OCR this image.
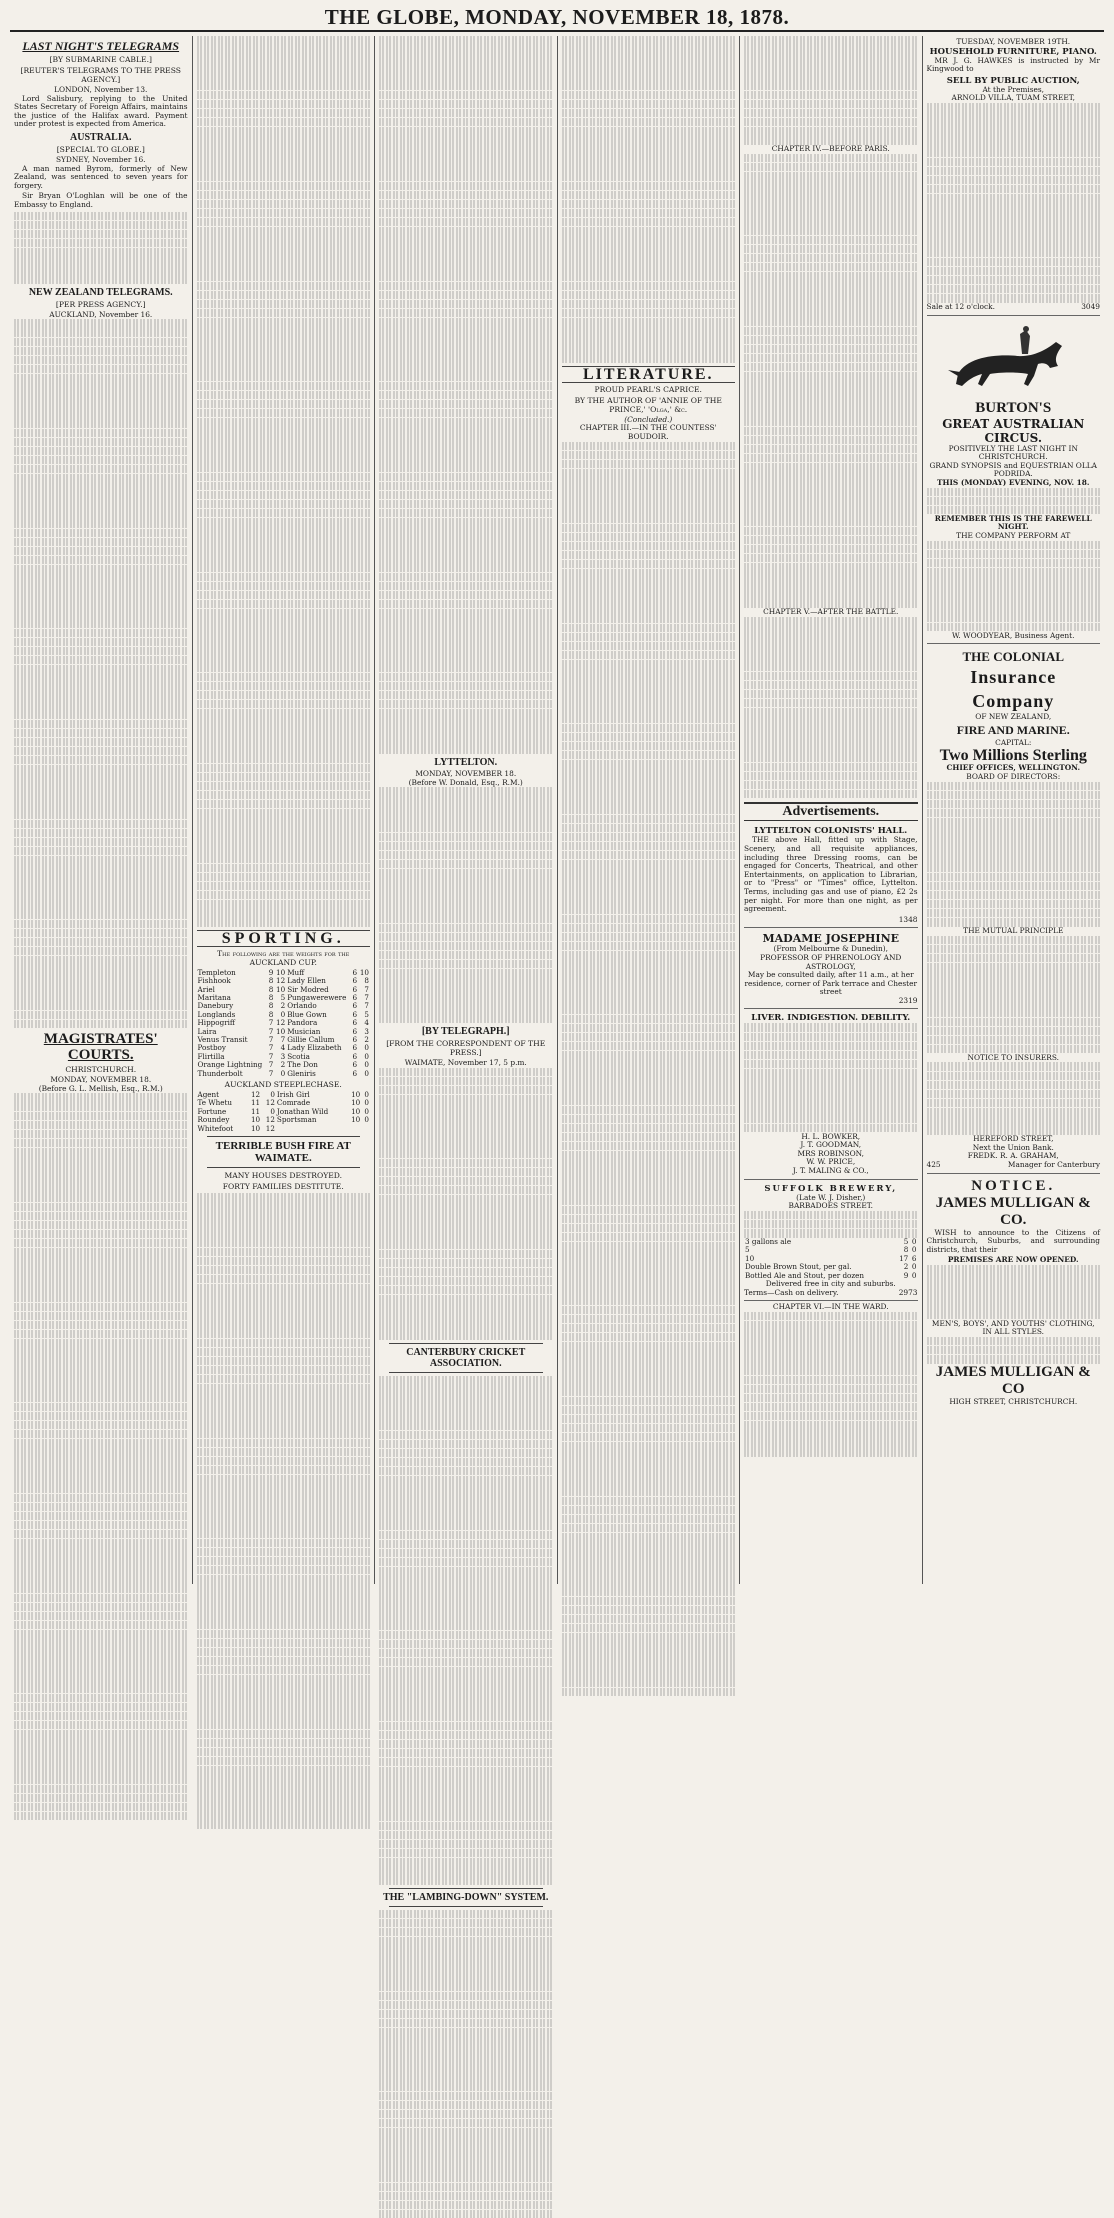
THE GLOBE, MONDAY, NOVEMBER 18, 1878.
LAST NIGHT'S TELEGRAMS
[BY SUBMARINE CABLE.]
[REUTER'S TELEGRAMS TO THE PRESS AGENCY.]
LONDON, November 13.

Lord Salisbury, replying to the United States Secretary of Foreign Affairs, maintains the justice of the Halifax award. Payment under protest is expected from America.

AUSTRALIA.
[SPECIAL TO GLOBE.]
SYDNEY, November 16.

A man named Byrom, formerly of New Zealand, was sentenced to seven years for forgery.

Sir Bryan O'Loghlan will be one of the Embassy to England.

NEW ZEALAND TELEGRAMS.
[PER PRESS AGENCY.]
AUCKLAND, November 16.
MAGISTRATES' COURTS.
CHRISTCHURCH.
MONDAY, NOVEMBER 18.
(Before G. L. Mellish, Esq., R.M.)
SPORTING.
The following are the weights for the AUCKLAND CUP.
Templeton	9	10	Muff	6	10
Fishhook	8	12	Lady Ellen	6	8
Ariel	8	10	Sir Modred	6	7
Maritana	8	5	Pungawerewere	6	7
Danebury	8	2	Orlando	6	7
Longlands	8	0	Blue Gown	6	5
Hippogriff	7	12	Pandora	6	4
Laira	7	10	Musician	6	3
Venus Transit	7	7	Gillie Callum	6	2
Postboy	7	4	Lady Elizabeth	6	0
Flirtilla	7	3	Scotia	6	0
Orange Lightning	7	2	The Don	6	0
Thunderbolt	7	0	Gleniris	6	0
AUCKLAND STEEPLECHASE.
Agent	12	0	Irish Girl	10	0
Te Whetu	11	12	Comrade	10	0
Fortune	11	0	Jonathan Wild	10	0
Roundey	10	12	Sportsman	10	0
Whitefoot	10	12			
TERRIBLE BUSH FIRE AT WAIMATE.
MANY HOUSES DESTROYED.
FORTY FAMILIES DESTITUTE.
LYTTELTON.
MONDAY, NOVEMBER 18.
(Before W. Donald, Esq., R.M.)
[BY TELEGRAPH.]
[FROM THE CORRESPONDENT OF THE PRESS.]
WAIMATE, November 17, 5 p.m.
CANTERBURY CRICKET ASSOCIATION.
THE "LAMBING-DOWN" SYSTEM.
LITERATURE.
PROUD PEARL'S CAPRICE.
BY THE AUTHOR OF 'ANNIE OF THE PRINCE,' 'Olga,' &c.
(Concluded.)
CHAPTER III.—IN THE COUNTESS' BOUDOIR.
CHAPTER IV.—BEFORE PARIS.
CHAPTER V.—AFTER THE BATTLE.
Advertisements.
LYTTELTON COLONISTS' HALL.

THE above Hall, fitted up with Stage, Scenery, and all requisite appliances, including three Dressing rooms, can be engaged for Concerts, Theatrical, and other Entertainments, on application to Librarian, or to "Press" or "Times" office, Lyttelton. Terms, including gas and use of piano, £2 2s per night. For more than one night, as per agreement.

1348
MADAME JOSEPHINE
(From Melbourne & Dunedin),
PROFESSOR OF PHRENOLOGY AND ASTROLOGY,
May be consulted daily, after 11 a.m., at her residence, corner of Park terrace and Chester street
2319
LIVER. INDIGESTION. DEBILITY.
H. L. BOWKER,
J. T. GOODMAN,
MRS ROBINSON,
W. W. PRICE,
J. T. MALING & CO.,
SUFFOLK BREWERY,
(Late W. J. Disher,)
BARBADOES STREET.
3 gallons ale	5	0
5	8	0
10	17	6
Double Brown Stout, per gal.	2	0
Bottled Ale and Stout, per dozen	9	0
Delivered free in city and suburbs.
Terms—Cash on delivery.	2973
CHAPTER VI.—IN THE WARD.
TUESDAY, NOVEMBER 19TH.
HOUSEHOLD FURNITURE, PIANO.

MR J. G. HAWKES is instructed by Mr Kingwood to

SELL BY PUBLIC AUCTION,
At the Premises,
ARNOLD VILLA, TUAM STREET,
Sale at 12 o'clock.	3049
BURTON'S
GREAT AUSTRALIAN CIRCUS.
POSITIVELY THE LAST NIGHT IN CHRISTCHURCH.
GRAND SYNOPSIS and EQUESTRIAN OLLA PODRIDA.
THIS (MONDAY) EVENING, NOV. 18.
REMEMBER THIS IS THE FAREWELL NIGHT.
THE COMPANY PERFORM AT
W. WOODYEAR, Business Agent.
THE COLONIAL
Insurance Company
OF NEW ZEALAND,
FIRE AND MARINE.
CAPITAL:
Two Millions Sterling
CHIEF OFFICES, WELLINGTON.
BOARD OF DIRECTORS:
THE MUTUAL PRINCIPLE
NOTICE TO INSURERS.
HEREFORD STREET,
Next the Union Bank.
FREDK. R. A. GRAHAM,
425	Manager for Canterbury
NOTICE.
JAMES MULLIGAN & CO.

WISH to announce to the Citizens of Christchurch, Suburbs, and surrounding districts, that their

PREMISES ARE NOW OPENED.
MEN'S, BOYS', AND YOUTHS' CLOTHING, IN ALL STYLES.
JAMES MULLIGAN & CO
HIGH STREET, CHRISTCHURCH.
